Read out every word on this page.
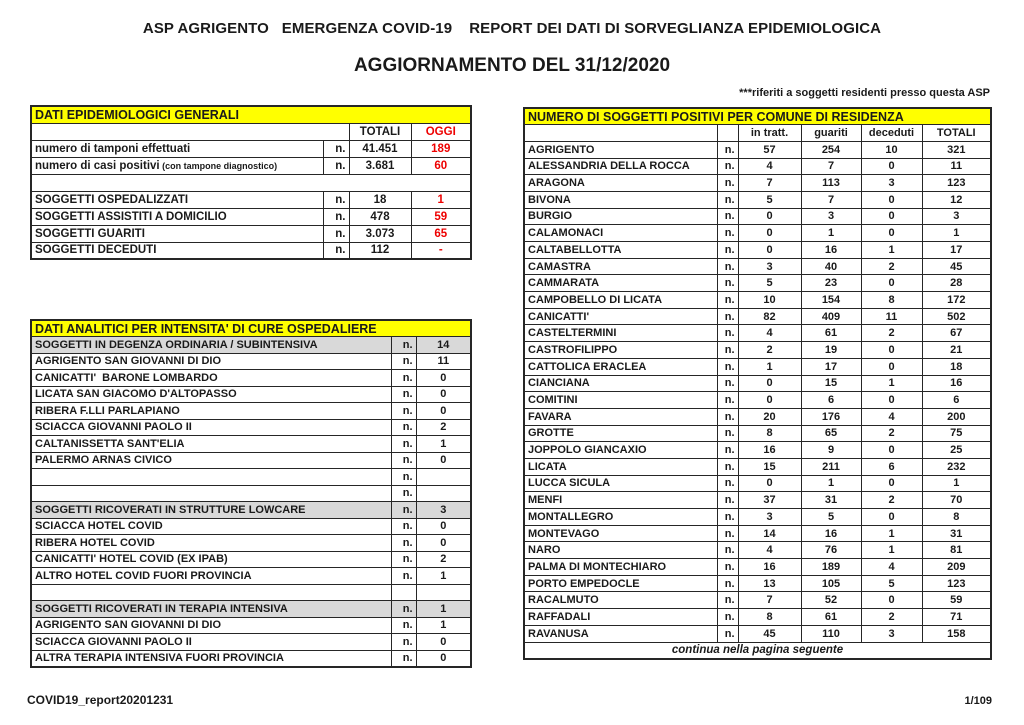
ASP AGRIGENTO   EMERGENZA COVID-19    REPORT DEI DATI DI SORVEGLIANZA EPIDEMIOLOGICA
AGGIORNAMENTO DEL 31/12/2020
***riferiti a soggetti residenti presso questa ASP
DATI EPIDEMIOLOGICI GENERALI			
		TOTALI	OGGI
numero di tamponi effettuati	n.	41.451	189
numero di casi positivi (con tampone diagnostico)	n.	3.681	60

SOGGETTI OSPEDALIZZATI	n.	18	1
SOGGETTI ASSISTITI A DOMICILIO	n.	478	59
SOGGETTI GUARITI	n.	3.073	65
SOGGETTI DECEDUTI	n.	112	-
DATI ANALITICI PER INTENSITA' DI CURE OSPEDALIERE		
SOGGETTI IN DEGENZA ORDINARIA / SUBINTENSIVA	n.	14
AGRIGENTO SAN GIOVANNI DI DIO	n.	11
CANICATTI'  BARONE LOMBARDO	n.	0
LICATA SAN GIACOMO D'ALTOPASSO	n.	0
RIBERA F.LLI PARLAPIANO	n.	0
SCIACCA GIOVANNI PAOLO II	n.	2
CALTANISSETTA SANT'ELIA	n.	1
PALERMO ARNAS CIVICO	n.	0
	n.	
	n.	
SOGGETTI RICOVERATI IN STRUTTURE LOWCARE	n.	3
SCIACCA HOTEL COVID	n.	0
RIBERA HOTEL COVID	n.	0
CANICATTI' HOTEL COVID (EX IPAB)	n.	2
ALTRO HOTEL COVID FUORI PROVINCIA	n.	1

SOGGETTI RICOVERATI IN TERAPIA INTENSIVA	n.	1
AGRIGENTO SAN GIOVANNI DI DIO	n.	1
SCIACCA GIOVANNI PAOLO II	n.	0
ALTRA TERAPIA INTENSIVA FUORI PROVINCIA	n.	0
NUMERO DI SOGGETTI POSITIVI PER COMUNE DI RESIDENZA					
		in tratt.	guariti	deceduti	TOTALI
AGRIGENTO	n.	57	254	10	321
ALESSANDRIA DELLA ROCCA	n.	4	7	0	11
ARAGONA	n.	7	113	3	123
BIVONA	n.	5	7	0	12
BURGIO	n.	0	3	0	3
CALAMONACI	n.	0	1	0	1
CALTABELLOTTA	n.	0	16	1	17
CAMASTRA	n.	3	40	2	45
CAMMARATA	n.	5	23	0	28
CAMPOBELLO DI LICATA	n.	10	154	8	172
CANICATTI'	n.	82	409	11	502
CASTELTERMINI	n.	4	61	2	67
CASTROFILIPPO	n.	2	19	0	21
CATTOLICA ERACLEA	n.	1	17	0	18
CIANCIANA	n.	0	15	1	16
COMITINI	n.	0	6	0	6
FAVARA	n.	20	176	4	200
GROTTE	n.	8	65	2	75
JOPPOLO GIANCAXIO	n.	16	9	0	25
LICATA	n.	15	211	6	232
LUCCA SICULA	n.	0	1	0	1
MENFI	n.	37	31	2	70
MONTALLEGRO	n.	3	5	0	8
MONTEVAGO	n.	14	16	1	31
NARO	n.	4	76	1	81
PALMA DI MONTECHIARO	n.	16	189	4	209
PORTO EMPEDOCLE	n.	13	105	5	123
RACALMUTO	n.	7	52	0	59
RAFFADALI	n.	8	61	2	71
RAVANUSA	n.	45	110	3	158
continua nella pagina seguente					
COVID19_report20201231	1/109
